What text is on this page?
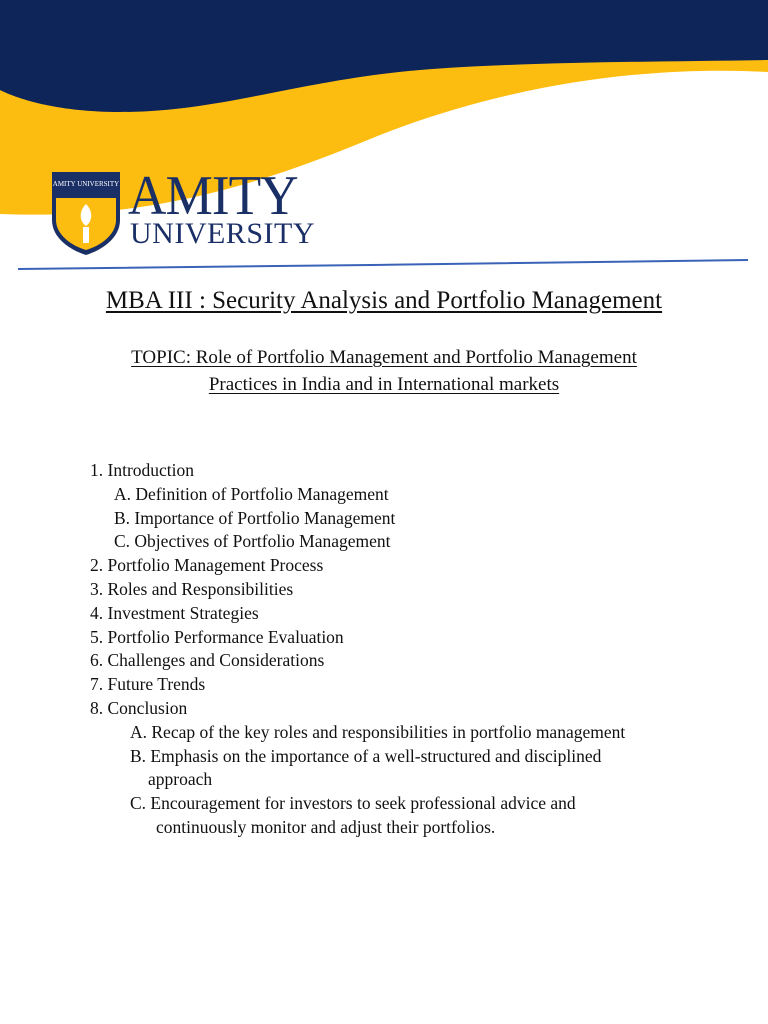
AMITY UNIVERSITY AMITY
UNIVERSITY
MBA III : Security Analysis and Portfolio Management
TOPIC: Role of Portfolio Management and Portfolio Management
Practices in India and in International markets
1. Introduction
A. Definition of Portfolio Management
B. Importance of Portfolio Management
C. Objectives of Portfolio Management
2. Portfolio Management Process
3. Roles and Responsibilities
4. Investment Strategies
5. Portfolio Performance Evaluation
6. Challenges and Considerations
7. Future Trends
8. Conclusion
A. Recap of the key roles and responsibilities in portfolio management
B. Emphasis on the importance of a well-structured and disciplined
approach
C. Encouragement for investors to seek professional advice and
continuously monitor and adjust their portfolios.
